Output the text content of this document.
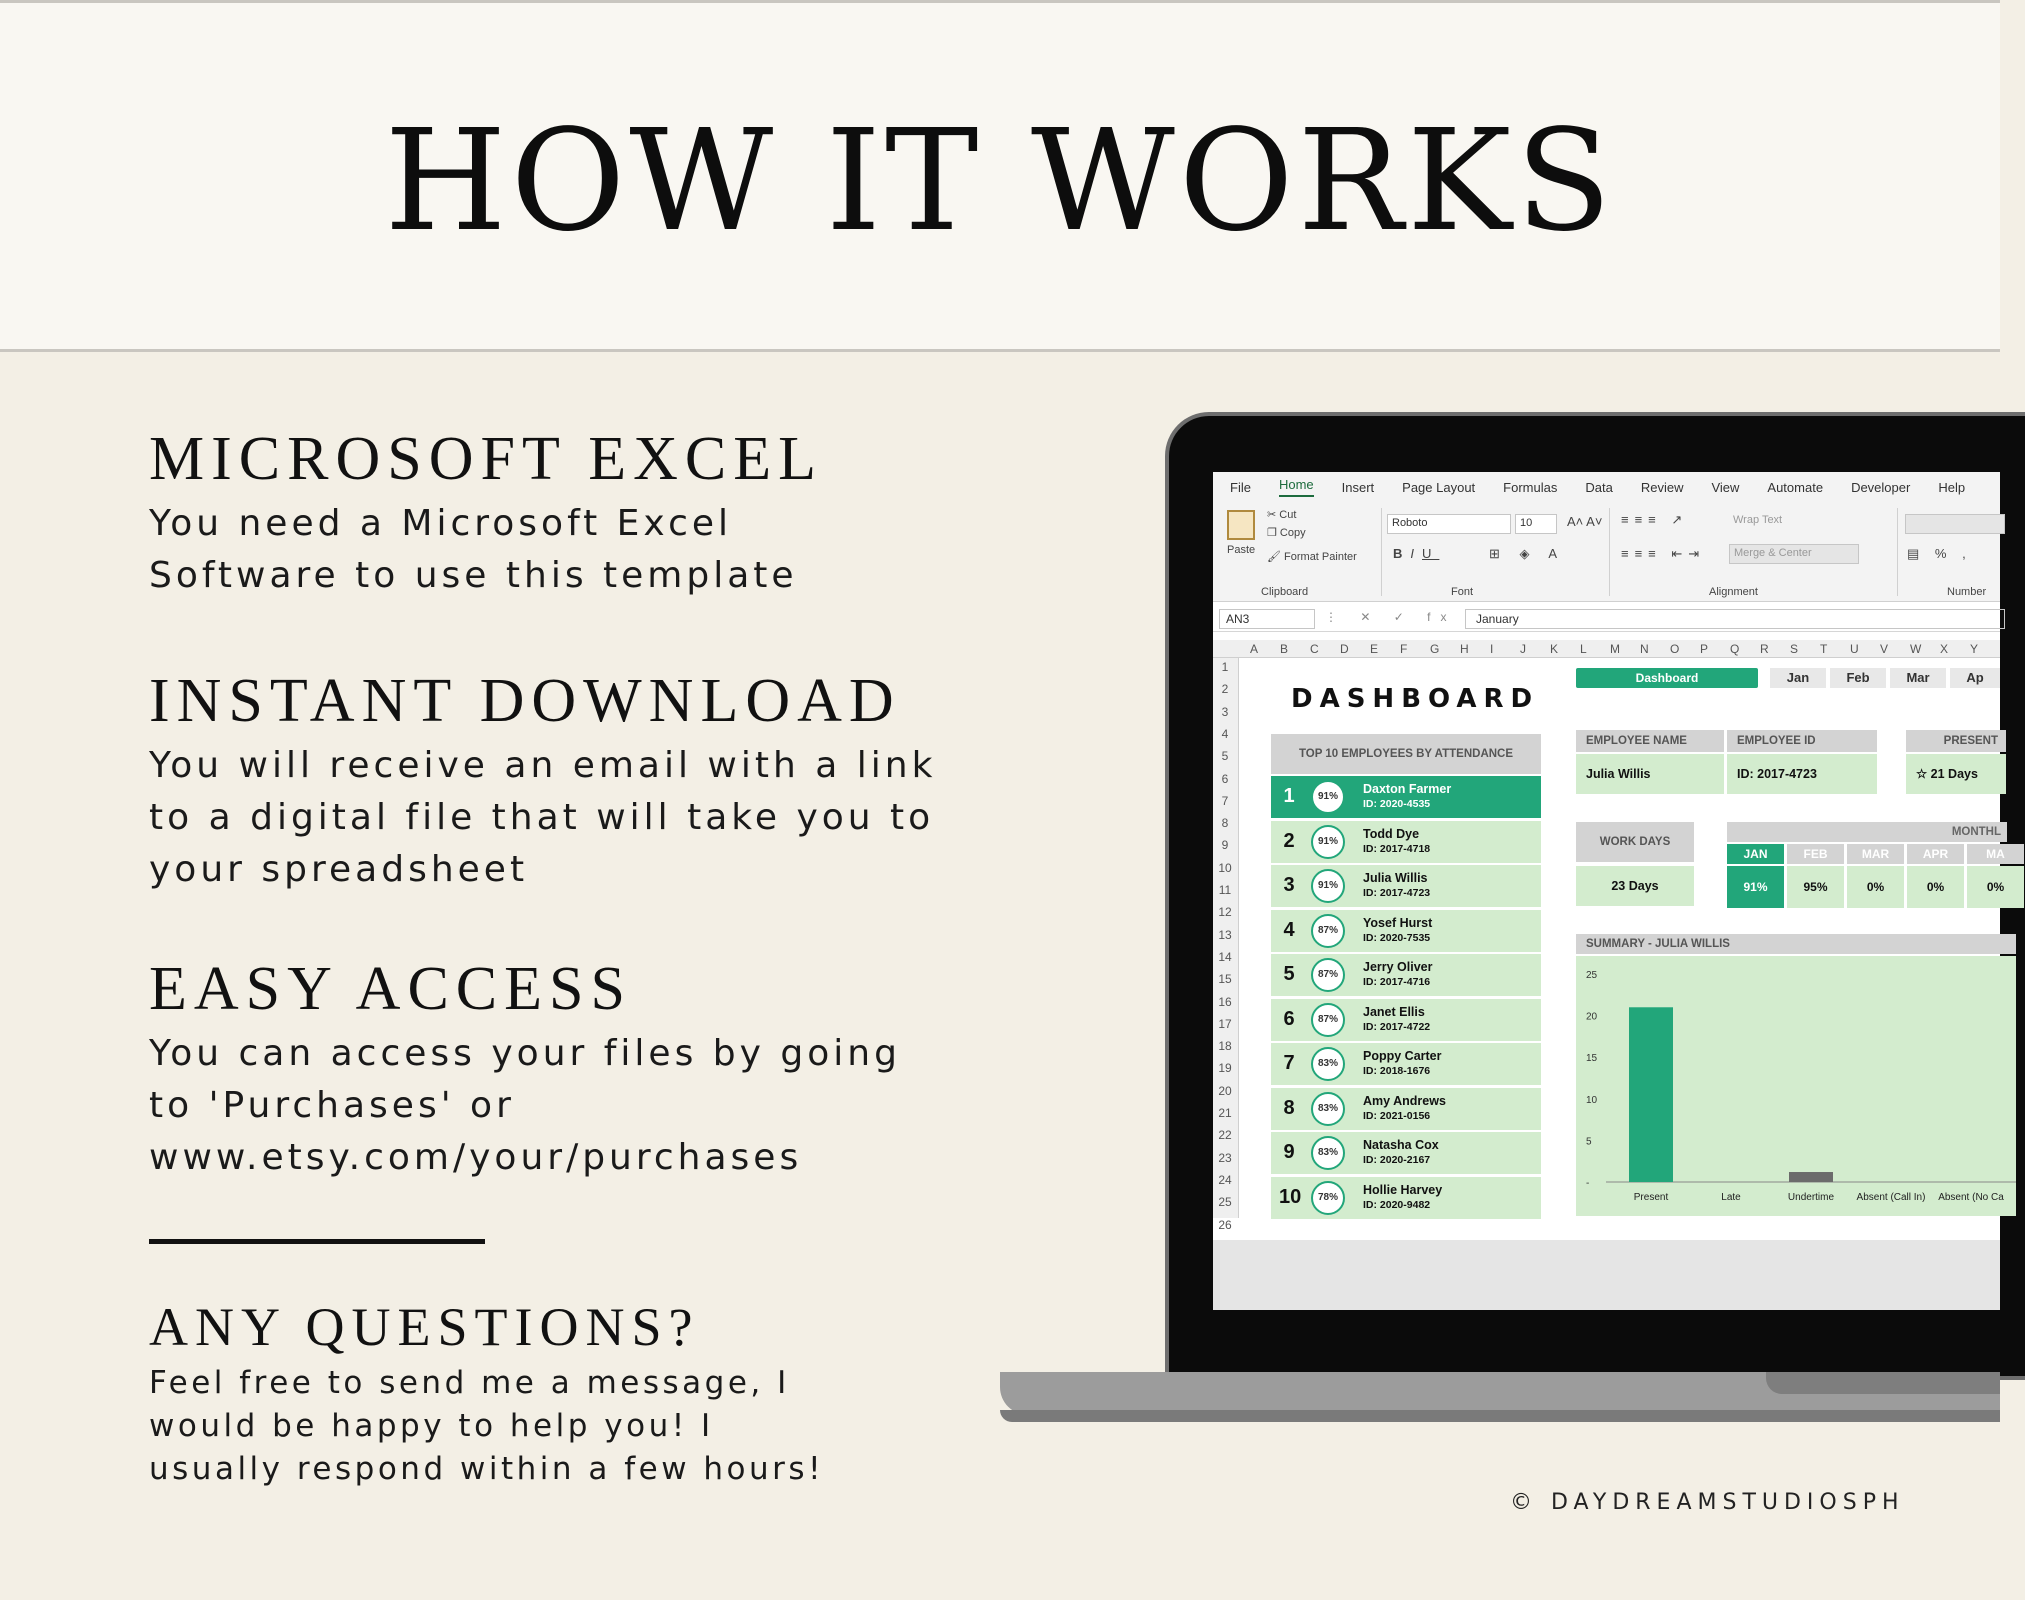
HOW IT WORKS
MICROSOFT EXCEL

You need a Microsoft Excel
Software to use this template

INSTANT DOWNLOAD

You will receive an email with a link
to a digital file that will take you to
your spreadsheet

EASY ACCESS

You can access your files by going
to 'Purchases' or
www.etsy.com/your/purchases

ANY QUESTIONS?

Feel free to send me a message, I
would be happy to help you! I
usually respond within a few hours!

© DAYDREAMSTUDIOSPH
File Home Insert Page Layout Formulas Data Review View Automate Developer Help
Paste
✂ Cut
❐ Copy
🖌 Format Painter
Clipboard
Roboto	10	A˄ A˅
BIU	⊞ ◈ A
Font
≡≡≡ ↗
≡≡≡ ⇤⇥
Wrap Text
Merge & Center
Alignment
▤ % ,
Number
AN3	⋮ ✕ ✓ fx	January
A B C D E F G H I J K L M N O P Q R S T U V W X Y
1
2
3
4
5
6
7
8
9
10
11
12
13
14
15
16
17
18
19
20
21
22
23
24
25
26
DASHBOARD
Dashboard	Jan	Feb	Mar	Ap
TOP 10 EMPLOYEES BY ATTENDANCE
EMPLOYEE NAME
Julia Willis
EMPLOYEE ID
ID: 2017-4723
PRESENT
☆ 21 Days
WORK DAYS
23 Days
MONTHL
SUMMARY - JULIA WILLIS
25
20
15
10
5
-
Present	Late	Undertime Absent (Call In) Absent (No Ca
1	91%
Daxton Farmer
ID: 2020-4535
2	91%
Todd Dye
ID: 2017-4718
3	91%
Julia Willis
ID: 2017-4723
4	87%
Yosef Hurst
ID: 2020-7535
5	87%
Jerry Oliver
ID: 2017-4716
6	87%
Janet Ellis
ID: 2017-4722
7	83%
Poppy Carter
ID: 2018-1676
8	83%
Amy Andrews
ID: 2021-0156
9	83%
Natasha Cox
ID: 2020-2167
10	78%
Hollie Harvey
ID: 2020-9482
JAN
91%
FEB
95%
MAR
0%
APR
0%
MA
0%
